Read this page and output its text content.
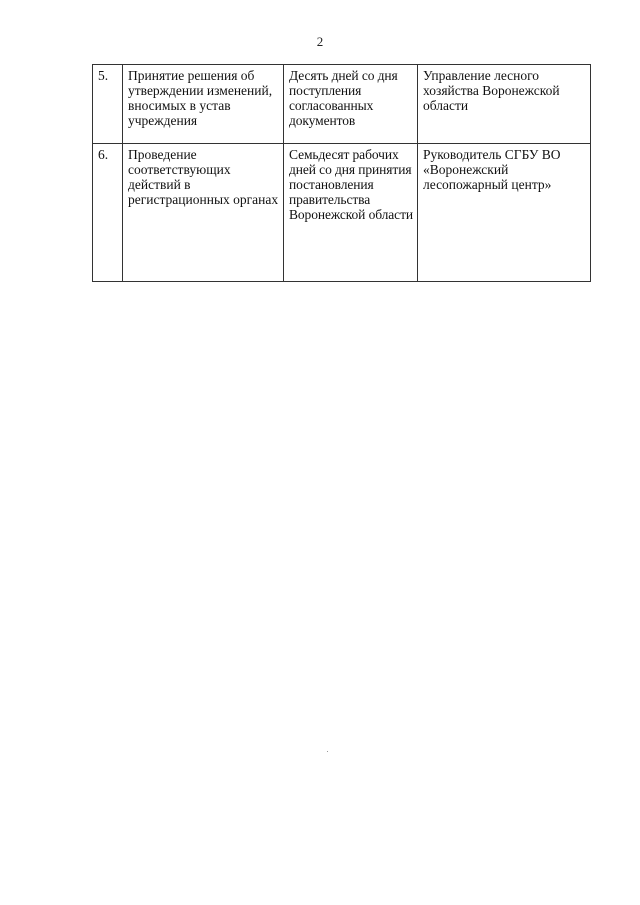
2
5.	Принятие решения об утверждении изменений, вносимых в устав учреждения	Десять дней со дня поступления согласованных документов	Управление лесного хозяйства Воронежской области
6.	Проведение соответствующих действий в регистрационных органах	Семьдесят рабочих дней со дня принятия постановления правительства Воронежской области	Руководитель СГБУ ВО «Воронежский лесопожарный центр»
